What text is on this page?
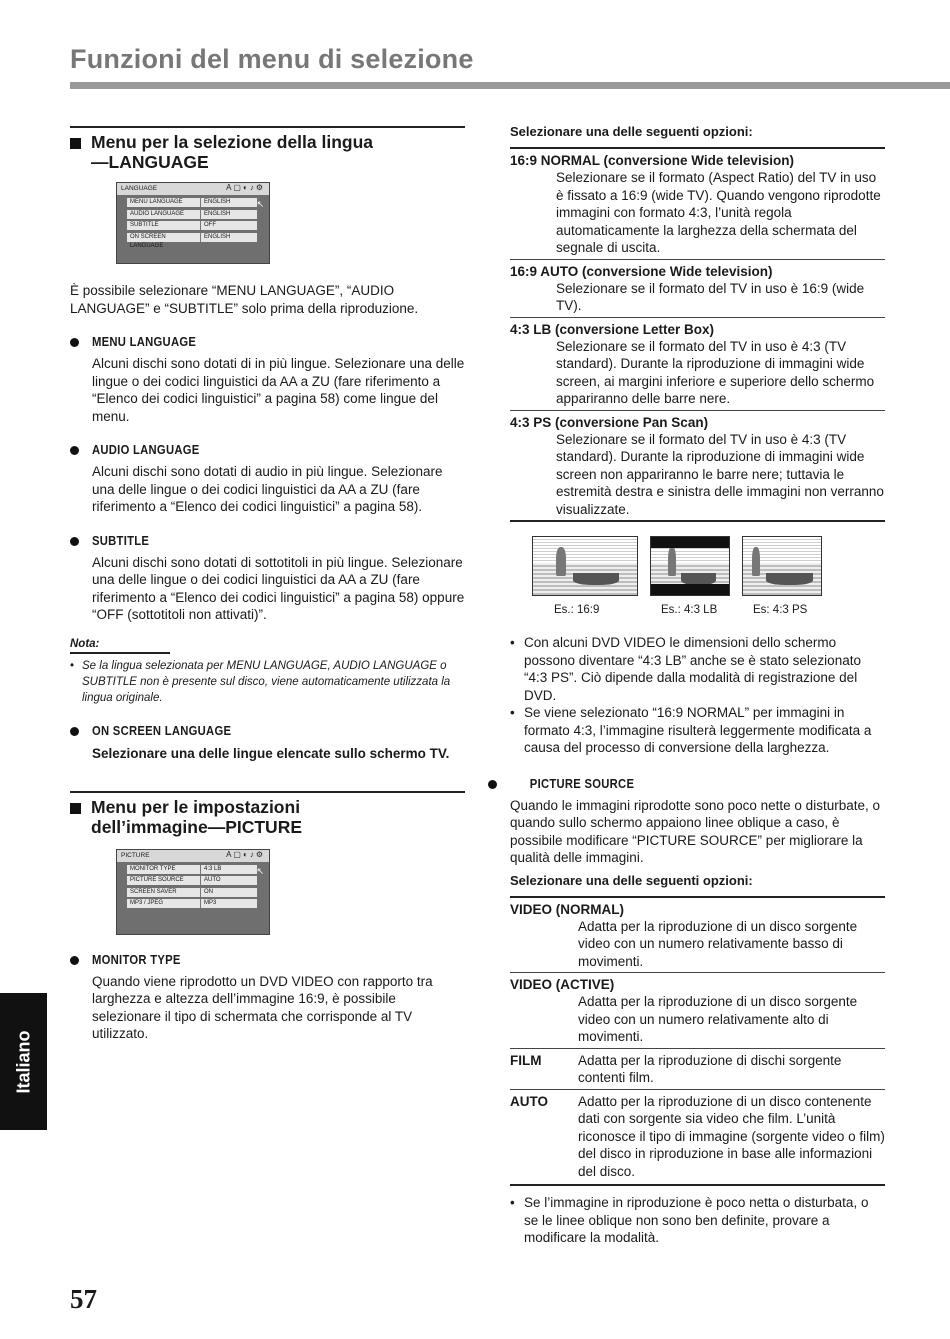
Funzioni del menu di selezione
Italiano
57
Menu per la selezione della lingua
—LANGUAGE
LANGUAGE	A▢◐♪⚙
MENU LANGUAGE	ENGLISH
AUDIO LANGUAGE	ENGLISH
SUBTITLE	OFF
ON SCREEN LANGUAGE
ENGLISH
↖

È possibile selezionare “MENU LANGUAGE”, “AUDIO LANGUAGE” e “SUBTITLE” solo prima della riproduzione.

MENU LANGUAGE
Alcuni dischi sono dotati di in più lingue. Selezionare una delle lingue o dei codici linguistici da AA a ZU (fare riferimento a “Elenco dei codici linguistici” a pagina 58) come lingue del menu.
AUDIO LANGUAGE
Alcuni dischi sono dotati di audio in più lingue. Selezionare una delle lingue o dei codici linguistici da AA a ZU (fare riferimento a “Elenco dei codici linguistici” a pagina 58).
SUBTITLE
Alcuni dischi sono dotati di sottotitoli in più lingue. Selezionare una delle lingue o dei codici linguistici da AA a ZU (fare riferimento a “Elenco dei codici linguistici” a pagina 58) oppure “OFF (sottotitoli non attivati)”.
Nota:
• Se la lingua selezionata per MENU LANGUAGE, AUDIO LANGUAGE o SUBTITLE non è presente sul disco, viene automaticamente utilizzata la lingua originale.
ON SCREEN LANGUAGE
Selezionare una delle lingue elencate sullo schermo TV.
Menu per le impostazioni
dell’immagine—PICTURE
PICTURE	A▢◐♪⚙
MONITOR TYPE	4:3 LB
PICTURE SOURCE	AUTO
SCREEN SAVER	ON
MP3 / JPEG	MP3
↖
MONITOR TYPE
Quando viene riprodotto un DVD VIDEO con rapporto tra larghezza e altezza dell’immagine 16:9, è possibile selezionare il tipo di schermata che corrisponde al TV utilizzato.
Selezionare una delle seguenti opzioni:
16:9 NORMAL (conversione Wide television)
Selezionare se il formato (Aspect Ratio) del TV in uso è fissato a 16:9 (wide TV). Quando vengono riprodotte immagini con formato 4:3, l’unità regola automaticamente la larghezza della schermata del segnale di uscita.
16:9 AUTO (conversione Wide television)
Selezionare se il formato del TV in uso è 16:9 (wide TV).
4:3 LB (conversione Letter Box)
Selezionare se il formato del TV in uso è 4:3 (TV standard). Durante la riproduzione di immagini wide screen, ai margini inferiore e superiore dello schermo appariranno delle barre nere.
4:3 PS (conversione Pan Scan)
Selezionare se il formato del TV in uso è 4:3 (TV standard). Durante la riproduzione di immagini wide screen non appariranno le barre nere; tuttavia le estremità destra e sinistra delle immagini non verranno visualizzate.
Es.: 16:9	Es.: 4:3 LB	Es: 4:3 PS
• Con alcuni DVD VIDEO le dimensioni dello schermo possono diventare “4:3 LB” anche se è stato selezionato “4:3 PS”. Ciò dipende dalla modalità di registrazione del DVD.
• Se viene selezionato “16:9 NORMAL” per immagini in formato 4:3, l’immagine risulterà leggermente modificata a causa del processo di conversione della larghezza.
PICTURE SOURCE

Quando le immagini riprodotte sono poco nette o disturbate, o quando sullo schermo appaiono linee oblique a caso, è possibile modificare “PICTURE SOURCE” per migliorare la qualità delle immagini.

Selezionare una delle seguenti opzioni:
VIDEO (NORMAL)
Adatta per la riproduzione di un disco sorgente video con un numero relativamente basso di movimenti.
VIDEO (ACTIVE)
Adatta per la riproduzione di un disco sorgente video con un numero relativamente alto di movimenti.
FILM	Adatta per la riproduzione di dischi sorgente contenti film.
AUTO	Adatto per la riproduzione di un disco contenente dati con sorgente sia video che film. L’unità riconosce il tipo di immagine (sorgente video o film) del disco in riproduzione in base alle informazioni del disco.
• Se l’immagine in riproduzione è poco netta o disturbata, o se le linee oblique non sono ben definite, provare a modificare la modalità.
